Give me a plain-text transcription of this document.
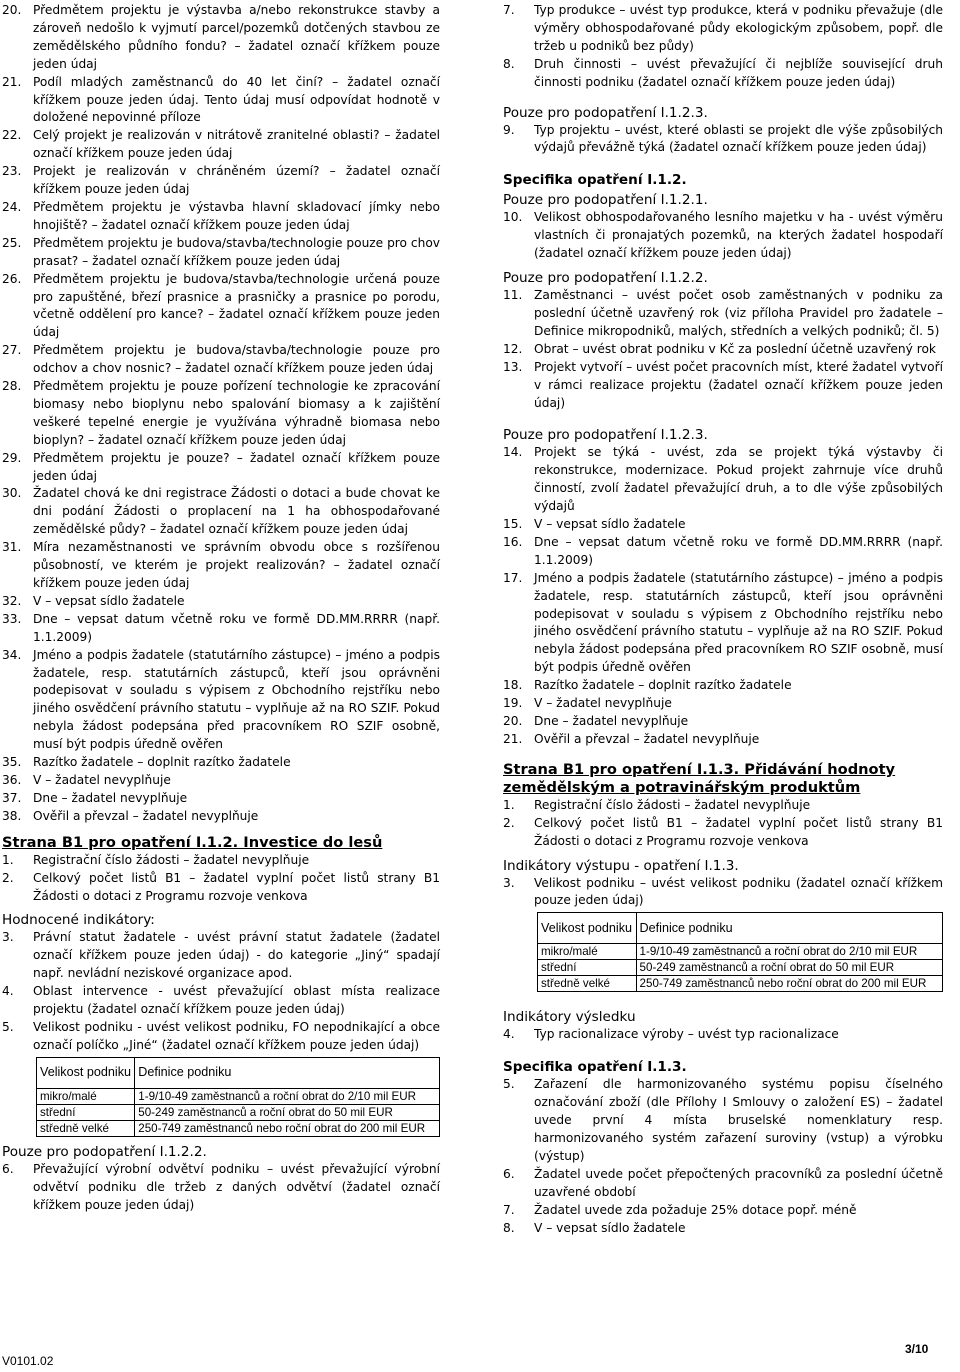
20. Předmětem projektu je výstavba a/nebo rekonstrukce stavby a zároveň nedošlo k vyjmutí parcel/pozemků dotčených stavbou ze zemědělského půdního fondu? – žadatel označí křížkem pouze jeden údaj
21. Podíl mladých zaměstnanců do 40 let činí? – žadatel označí křížkem pouze jeden údaj. Tento údaj musí odpovídat hodnotě v doložené nepovinné příloze
22. Celý projekt je realizován v nitrátově zranitelné oblasti? – žadatel označí křížkem pouze jeden údaj
23. Projekt je realizován v chráněném území? – žadatel označí křížkem pouze jeden údaj
24. Předmětem projektu je výstavba hlavní skladovací jímky nebo hnojiště? – žadatel označí křížkem pouze jeden údaj
25. Předmětem projektu je budova/stavba/technologie pouze pro chov prasat? – žadatel označí křížkem pouze jeden údaj
26. Předmětem projektu je budova/stavba/technologie určená pouze pro zapuštěné, březí prasnice a prasničky a prasnice po porodu, včetně oddělení pro kance? – žadatel označí křížkem pouze jeden údaj
27. Předmětem projektu je budova/stavba/technologie pouze pro odchov a chov nosnic? – žadatel označí křížkem pouze jeden údaj
28. Předmětem projektu je pouze pořízení technologie ke zpracování biomasy nebo bioplynu nebo spalování biomasy a k zajištění veškeré tepelné energie je využívána výhradně biomasa nebo bioplyn? – žadatel označí křížkem pouze jeden údaj
29. Předmětem projektu je pouze? – žadatel označí křížkem pouze jeden údaj
30. Žadatel chová ke dni registrace Žádosti o dotaci a bude chovat ke dni podání Žádosti o proplacení na 1 ha obhospodařované zemědělské půdy? – žadatel označí křížkem pouze jeden údaj
31. Míra nezaměstnanosti ve správním obvodu obce s rozšířenou působností, ve kterém je projekt realizován? – žadatel označí křížkem pouze jeden údaj
32. V – vepsat sídlo žadatele
33. Dne – vepsat datum včetně roku ve formě DD.MM.RRRR (např. 1.1.2009)
34. Jméno a podpis žadatele (statutárního zástupce) – jméno a podpis žadatele, resp. statutárních zástupců, kteří jsou oprávněni podepisovat v souladu s výpisem z Obchodního rejstříku nebo jiného osvědčení právního statutu – vyplňuje až na RO SZIF. Pokud nebyla žádost podepsána před pracovníkem RO SZIF osobně, musí být podpis úředně ověřen
35. Razítko žadatele – doplnit razítko žadatele
36. V – žadatel nevyplňuje
37. Dne – žadatel nevyplňuje
38. Ověřil a převzal – žadatel nevyplňuje
Strana B1 pro opatření I.1.2. Investice do lesů
1.	Registrační číslo žádosti – žadatel nevyplňuje
2.	Celkový počet listů B1 – žadatel vyplní počet listů strany B1 Žádosti o dotaci z Programu rozvoje venkova
Hodnocené indikátory:
3.	Právní statut žadatele - uvést právní statut žadatele (žadatel označí křížkem pouze jeden údaj) - do kategorie „Jiný“ spadají např. nevládní neziskové organizace apod.
4.	Oblast intervence - uvést převažující oblast místa realizace projektu (žadatel označí křížkem pouze jeden údaj)
5.	Velikost podniku - uvést velikost podniku, FO nepodnikající a obce označí políčko „Jiné“ (žadatel označí křížkem pouze jeden údaj)
Velikost podniku	Definice podniku
mikro/malé	1-9/10-49 zaměstnanců a roční obrat do 2/10 mil EUR
střední	50-249 zaměstnanců a roční obrat do 50 mil EUR
středně velké	250-749 zaměstnanců nebo roční obrat do 200 mil EUR
Pouze pro podopatření I.1.2.2.
6.	Převažující výrobní odvětví podniku – uvést převažující výrobní odvětví podniku dle tržeb z daných odvětví (žadatel označí křížkem pouze jeden údaj)
7.	Typ produkce – uvést typ produkce, která v podniku převažuje (dle výměry obhospodařované půdy ekologickým způsobem, popř. dle tržeb u podniků bez půdy)
8.	Druh činnosti – uvést převažující či nejblíže související druh činnosti podniku (žadatel označí křížkem pouze jeden údaj)
Pouze pro podopatření I.1.2.3.
9.	Typ projektu – uvést, které oblasti se projekt dle výše způsobilých výdajů převážně týká (žadatel označí křížkem pouze jeden údaj)
Specifika opatření I.1.2.
Pouze pro podopatření I.1.2.1.
10. Velikost obhospodařovaného lesního majetku v ha - uvést výměru vlastních či pronajatých pozemků, na kterých žadatel hospodaří (žadatel označí křížkem pouze jeden údaj)
Pouze pro podopatření I.1.2.2.
11. Zaměstnanci – uvést počet osob zaměstnaných v podniku za poslední účetně uzavřený rok (viz příloha Pravidel pro žadatele – Definice mikropodniků, malých, středních a velkých podniků; čl. 5)
12. Obrat – uvést obrat podniku v Kč za poslední účetně uzavřený rok
13. Projekt vytvoří – uvést počet pracovních míst, které žadatel vytvoří v rámci realizace projektu (žadatel označí křížkem pouze jeden údaj)
Pouze pro podopatření I.1.2.3.
14. Projekt se týká - uvést, zda se projekt týká výstavby či rekonstrukce, modernizace. Pokud projekt zahrnuje více druhů činností, zvolí žadatel převažující druh, a to dle výše způsobilých výdajů
15. V – vepsat sídlo žadatele
16. Dne – vepsat datum včetně roku ve formě DD.MM.RRRR (např. 1.1.2009)
17. Jméno a podpis žadatele (statutárního zástupce) – jméno a podpis žadatele, resp. statutárních zástupců, kteří jsou oprávněni podepisovat v souladu s výpisem z Obchodního rejstříku nebo jiného osvědčení právního statutu – vyplňuje až na RO SZIF. Pokud nebyla žádost podepsána před pracovníkem RO SZIF osobně, musí být podpis úředně ověřen
18. Razítko žadatele – doplnit razítko žadatele
19. V – žadatel nevyplňuje
20. Dne – žadatel nevyplňuje
21. Ověřil a převzal – žadatel nevyplňuje
Strana B1 pro opatření I.1.3. Přidávání hodnoty zemědělským a potravinářským produktům
1.	Registrační číslo žádosti – žadatel nevyplňuje
2.	Celkový počet listů B1 – žadatel vyplní počet listů strany B1 Žádosti o dotaci z Programu rozvoje venkova
Indikátory výstupu - opatření I.1.3.
3.	Velikost podniku – uvést velikost podniku (žadatel označí křížkem pouze jeden údaj)
Velikost podniku	Definice podniku
mikro/malé	1-9/10-49 zaměstnanců a roční obrat do 2/10 mil EUR
střední	50-249 zaměstnanců a roční obrat do 50 mil EUR
středně velké	250-749 zaměstnanců nebo roční obrat do 200 mil EUR
Indikátory výsledku
4.	Typ racionalizace výroby – uvést typ racionalizace
Specifika opatření I.1.3.
5.	Zařazení dle harmonizovaného systému popisu číselného označování zboží (dle Přílohy I Smlouvy o založení ES) – žadatel uvede první 4 místa bruselské nomenklatury resp. harmonizovaného systém zařazení suroviny (vstup) a výrobku (výstup)
6.	Žadatel uvede počet přepočtených pracovníků za poslední účetně uzavřené období
7.	Žadatel uvede zda požaduje 25% dotace popř. méně
8.	V – vepsat sídlo žadatele
V0101.02
3/10
